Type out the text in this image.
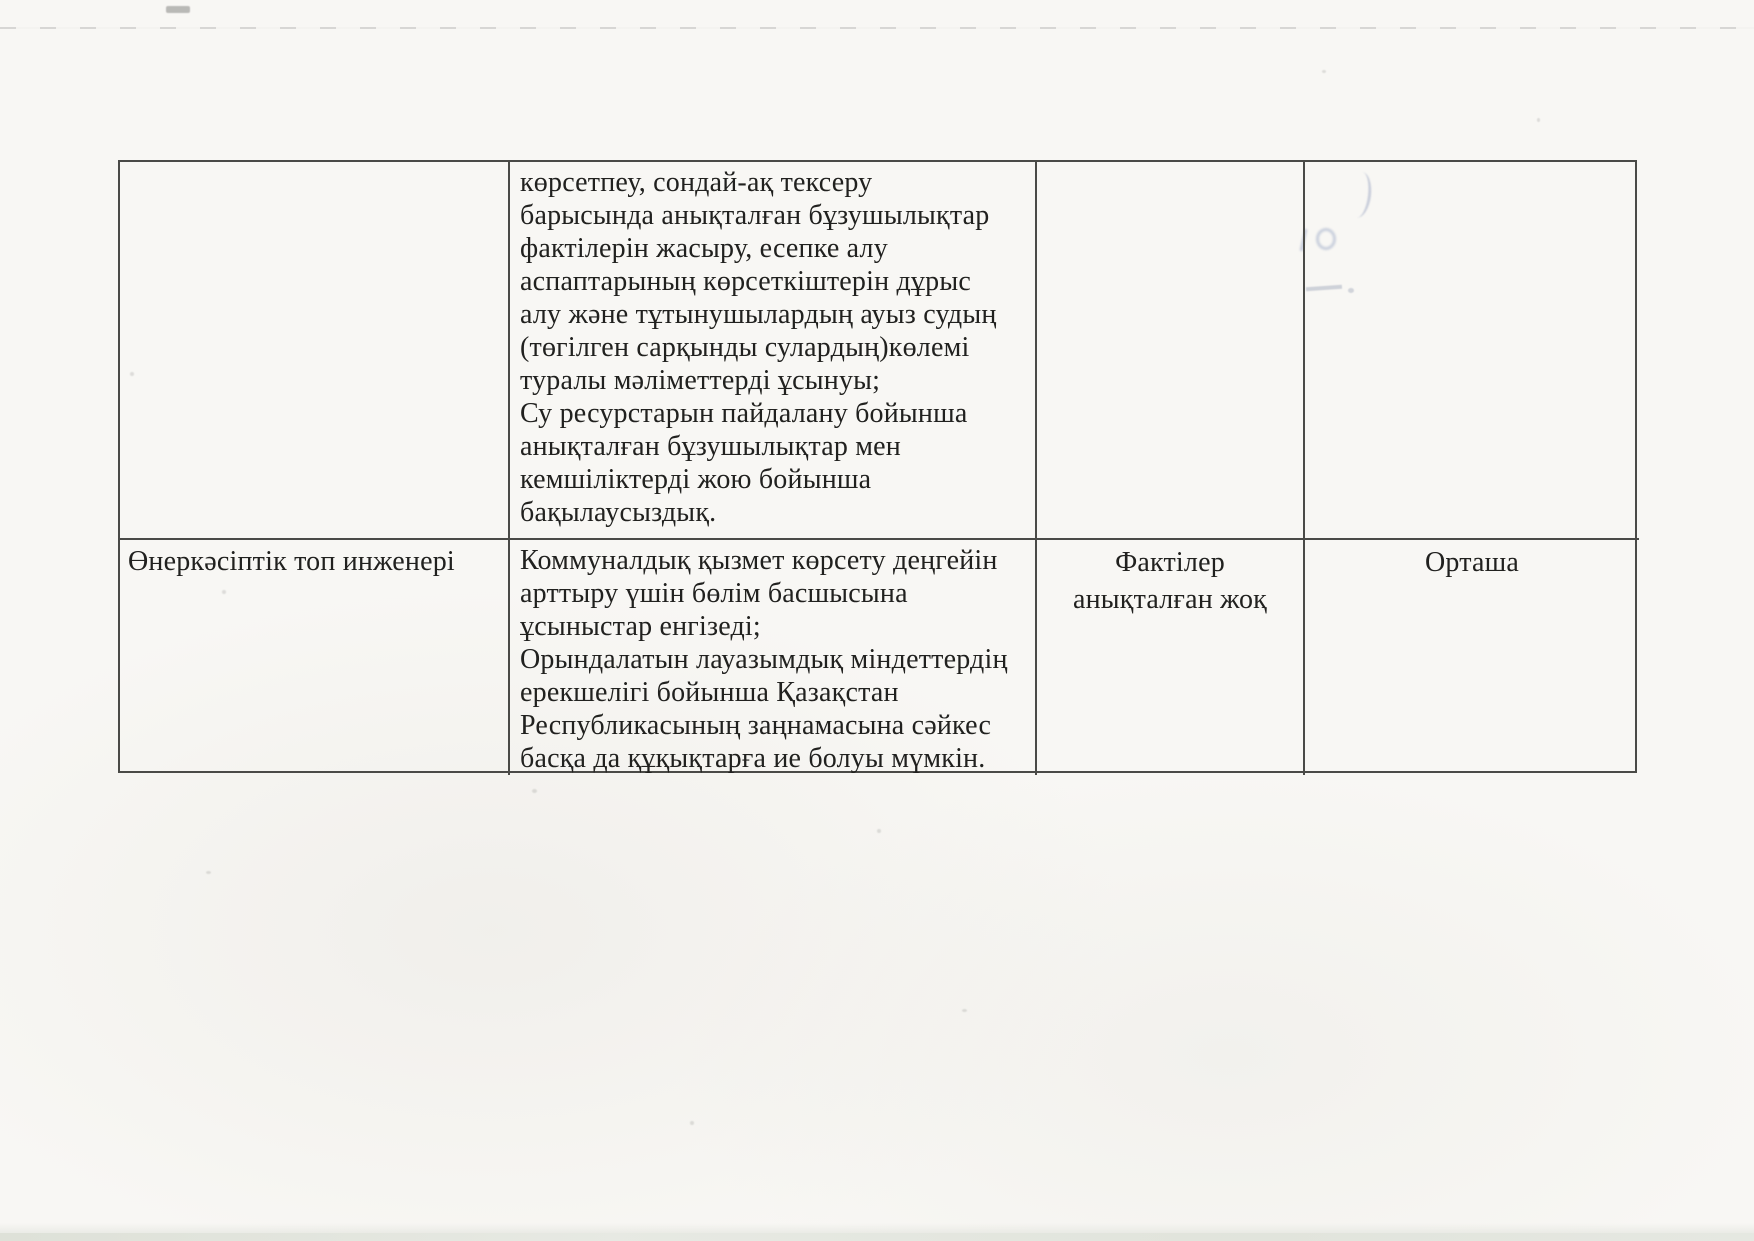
көрсетпеу, сондай-ақ тексеру
барысында анықталған бұзушылықтар
фактілерін жасыру, есепке алу
аспаптарының көрсеткіштерін дұрыс
алу және тұтынушылардың ауыз судың
(төгілген сарқынды сулардың)көлемі
туралы мәліметтерді ұсынуы;
Су ресурстарын пайдалану бойынша
анықталған бұзушылықтар мен
кемшіліктерді жою бойынша
бақылаусыздық.
Өнеркәсіптік топ инженері	Коммуналдық қызмет көрсету деңгейін
арттыру үшін бөлім басшысына
ұсыныстар енгізеді;
Орындалатын лауазымдық міндеттердің
ерекшелігі бойынша Қазақстан
Республикасының заңнамасына сәйкес
басқа да құқықтарға ие болуы мүмкін.
Фактілер
анықталған жоқ
Орташа
